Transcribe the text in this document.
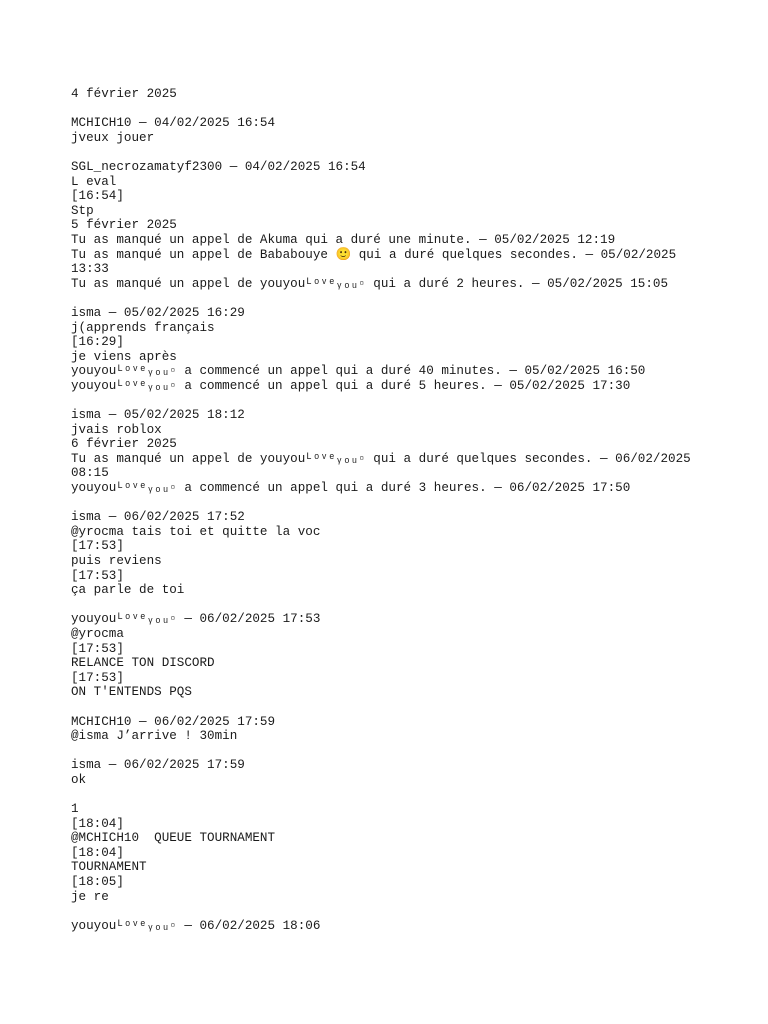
4 février 2025
MCHICH10 — 04/02/2025 16:54
jveux jouer
SGL_necrozamatyf2300 — 04/02/2025 16:54
L eval
[16:54]
Stp
5 février 2025
Tu as manqué un appel de Akuma qui a duré une minute. — 05/02/2025 12:19
Tu as manqué un appel de Bababouye 🙂 qui a duré quelques secondes. — 05/02/2025
13:33
Tu as manqué un appel de youyouᴸᵒᵛᵉᵧₒᵤ▫ qui a duré 2 heures. — 05/02/2025 15:05
isma — 05/02/2025 16:29
j(apprends français
[16:29]
je viens après
youyouᴸᵒᵛᵉᵧₒᵤ▫ a commencé un appel qui a duré 40 minutes. — 05/02/2025 16:50
youyouᴸᵒᵛᵉᵧₒᵤ▫ a commencé un appel qui a duré 5 heures. — 05/02/2025 17:30
isma — 05/02/2025 18:12
jvais roblox
6 février 2025
Tu as manqué un appel de youyouᴸᵒᵛᵉᵧₒᵤ▫ qui a duré quelques secondes. — 06/02/2025
08:15
youyouᴸᵒᵛᵉᵧₒᵤ▫ a commencé un appel qui a duré 3 heures. — 06/02/2025 17:50
isma — 06/02/2025 17:52
@yrocma tais toi et quitte la voc
[17:53]
puis reviens
[17:53]
ça parle de toi
youyouᴸᵒᵛᵉᵧₒᵤ▫ — 06/02/2025 17:53
@yrocma
[17:53]
RELANCE TON DISCORD
[17:53]
ON T'ENTENDS PQS
MCHICH10 — 06/02/2025 17:59
@isma J’arrive ! 30min
isma — 06/02/2025 17:59
ok
1
[18:04]
@MCHICH10  QUEUE TOURNAMENT
[18:04]
TOURNAMENT
[18:05]
je re
youyouᴸᵒᵛᵉᵧₒᵤ▫ — 06/02/2025 18:06
